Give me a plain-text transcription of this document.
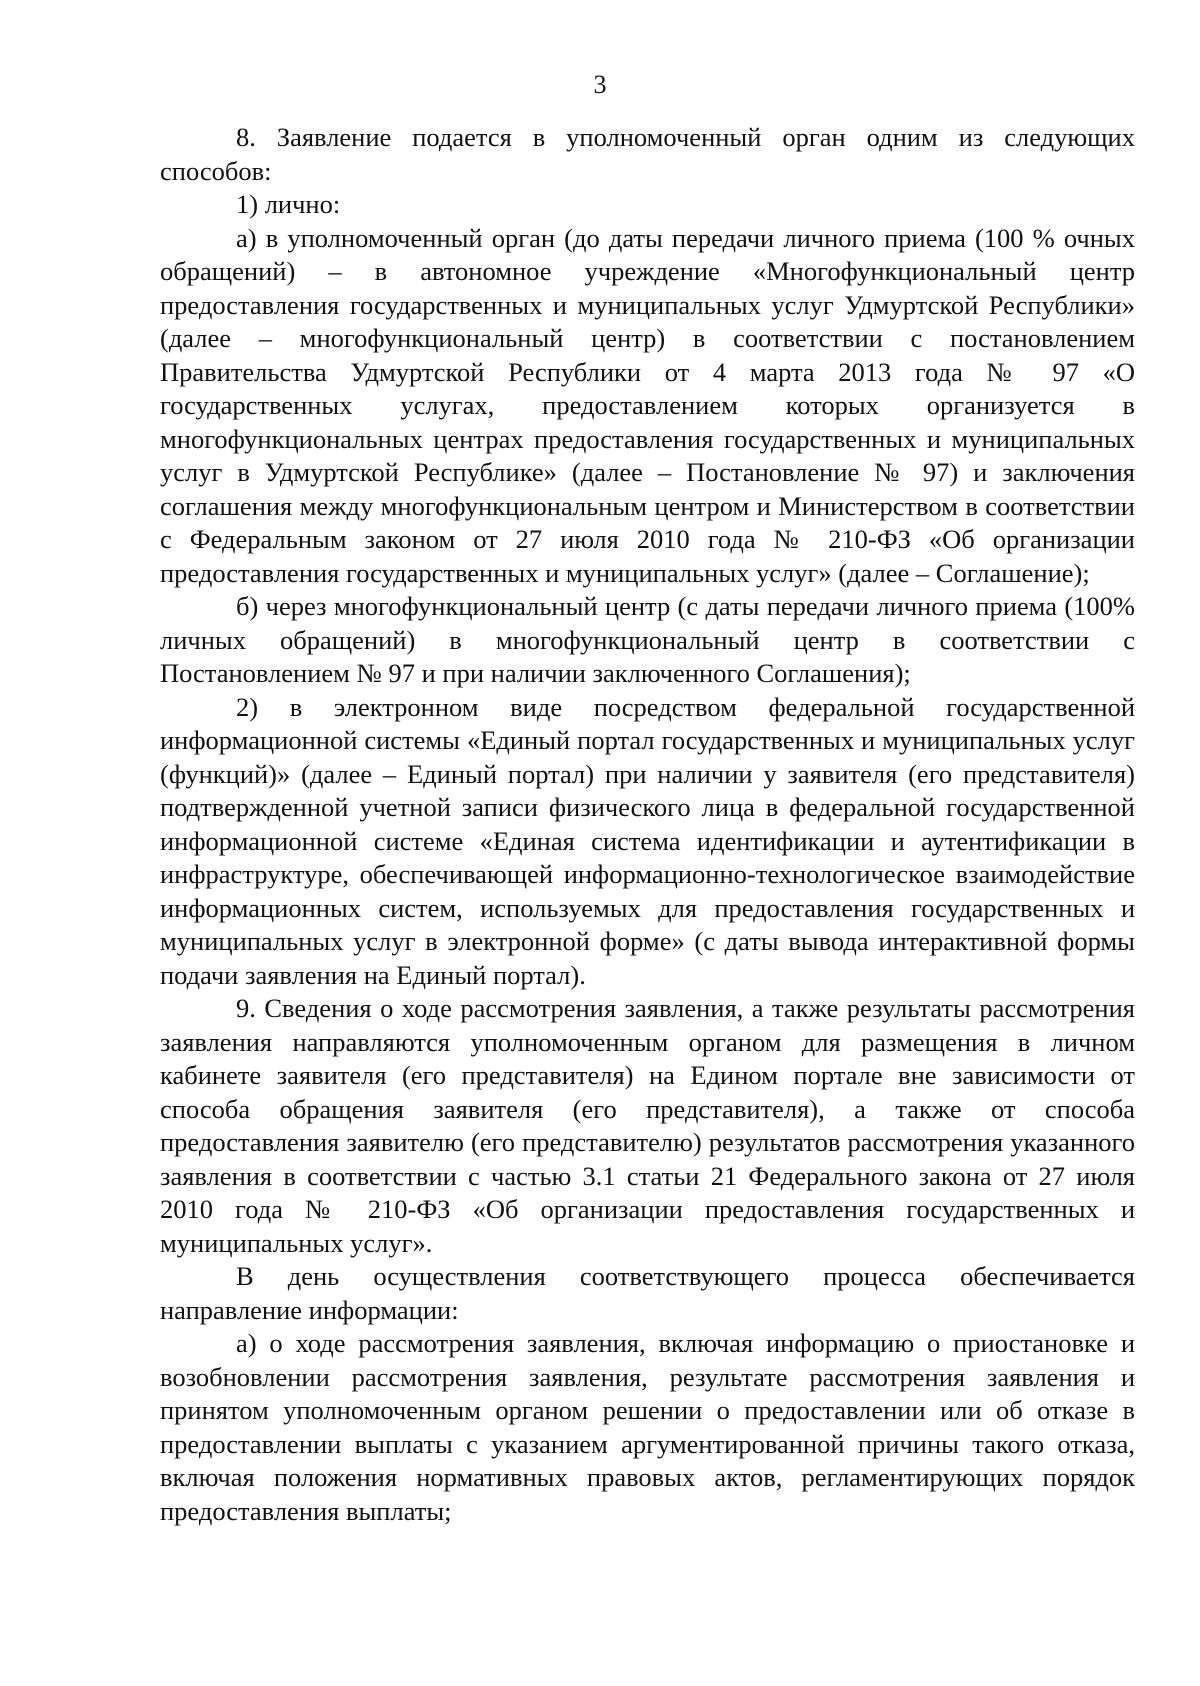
3

8. Заявление подается в уполномоченный орган одним из следующих способов:

1) лично:

а) в уполномоченный орган (до даты передачи личного приема (100 % очных обращений) – в автономное учреждение «Многофункциональный центр предоставления государственных и муниципальных услуг Удмуртской Республики» (далее – многофункциональный центр) в соответствии с постановлением Правительства Удмуртской Республики от 4 марта 2013 года № 97 «О государственных услугах, предоставлением которых организуется в многофункциональных центрах предоставления государственных и муниципальных услуг в Удмуртской Республике» (далее – Постановление № 97) и заключения соглашения между многофункциональным центром и Министерством в соответствии с Федеральным законом от 27 июля 2010 года № 210-ФЗ «Об организации предоставления государственных и муниципальных услуг» (далее – Соглашение);

б) через многофункциональный центр (с даты передачи личного приема (100% личных обращений) в многофункциональный центр в соответствии с Постановлением № 97 и при наличии заключенного Соглашения);

2) в электронном виде посредством федеральной государственной информационной системы «Единый портал государственных и муниципальных услуг (функций)» (далее – Единый портал) при наличии у заявителя (его представителя) подтвержденной учетной записи физического лица в федеральной государственной информационной системе «Единая система идентификации и аутентификации в инфраструктуре, обеспечивающей информационно-технологическое взаимодействие информационных систем, используемых для предоставления государственных и муниципальных услуг в электронной форме» (с даты вывода интерактивной формы подачи заявления на Единый портал).

9. Сведения о ходе рассмотрения заявления, а также результаты рассмотрения заявления направляются уполномоченным органом для размещения в личном кабинете заявителя (его представителя) на Едином портале вне зависимости от способа обращения заявителя (его представителя), а также от способа предоставления заявителю (его представителю) результатов рассмотрения указанного заявления в соответствии с частью 3.1 статьи 21 Федерального закона от 27 июля 2010 года № 210-ФЗ «Об организации предоставления государственных и муниципальных услуг».

В день осуществления соответствующего процесса обеспечивается направление информации:

а) о ходе рассмотрения заявления, включая информацию о приостановке и возобновлении рассмотрения заявления, результате рассмотрения заявления и принятом уполномоченным органом решении о предоставлении или об отказе в предоставлении выплаты с указанием аргументированной причины такого отказа, включая положения нормативных правовых актов, регламентирующих порядок предоставления выплаты;
